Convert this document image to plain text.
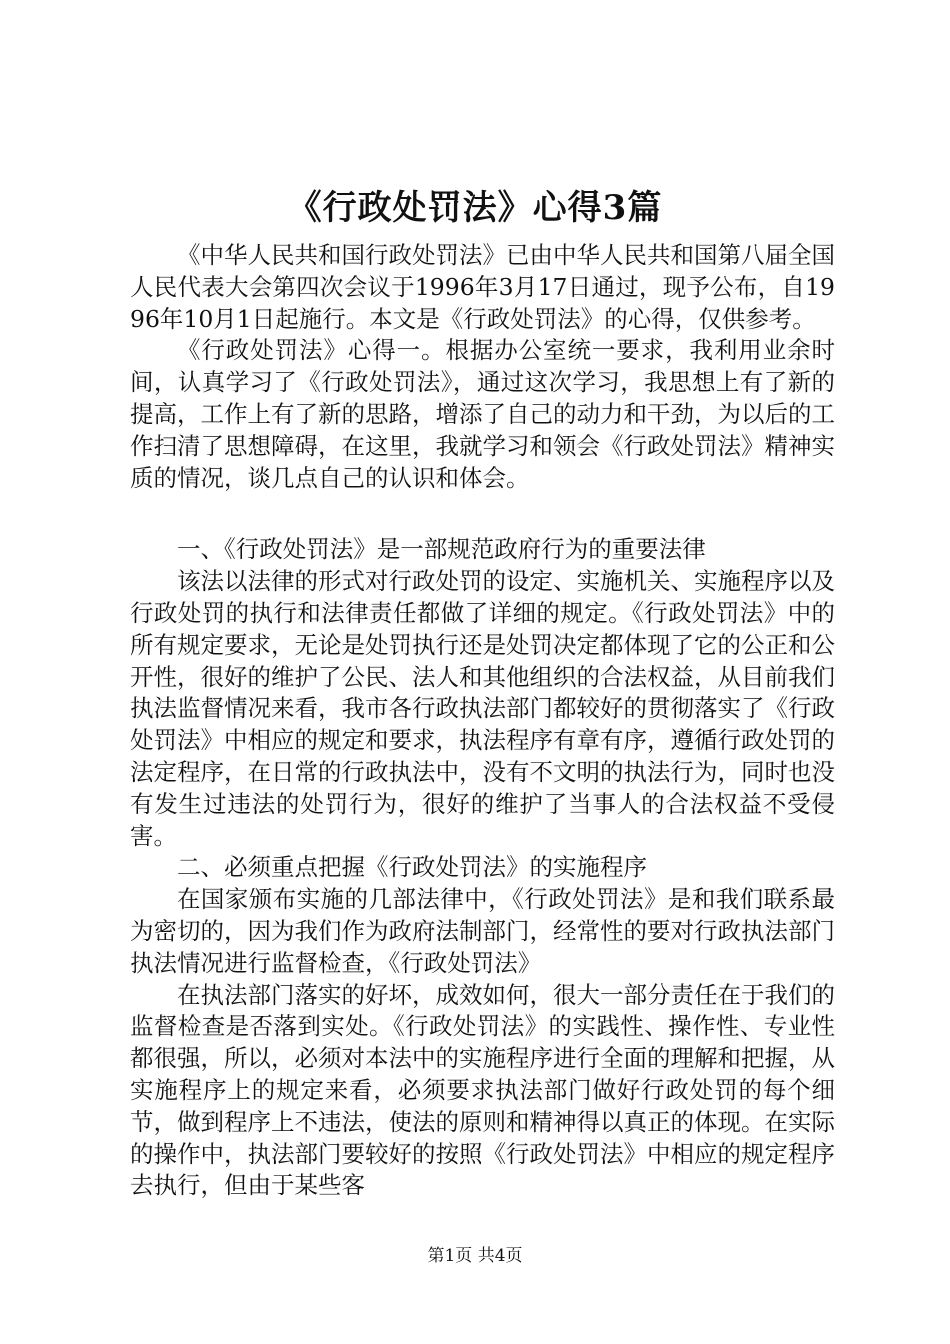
《行政处罚法》心得3篇

《中华人民共和国行政处罚法》已由中华人民共和国第八届全国人民代表大会第四次会议于1996年3月17日通过，现予公布，自1996年10月1日起施行。本文是《行政处罚法》的心得，仅供参考。

《行政处罚法》心得一。根据办公室统一要求，我利用业余时间，认真学习了《行政处罚法》，通过这次学习，我思想上有了新的提高，工作上有了新的思路，增添了自己的动力和干劲，为以后的工作扫清了思想障碍，在这里，我就学习和领会《行政处罚法》精神实质的情况，谈几点自己的认识和体会。

一、《行政处罚法》是一部规范政府行为的重要法律

该法以法律的形式对行政处罚的设定、实施机关、实施程序以及行政处罚的执行和法律责任都做了详细的规定。《行政处罚法》中的所有规定要求，无论是处罚执行还是处罚决定都体现了它的公正和公开性，很好的维护了公民、法人和其他组织的合法权益，从目前我们执法监督情况来看，我市各行政执法部门都较好的贯彻落实了《行政处罚法》中相应的规定和要求，执法程序有章有序，遵循行政处罚的法定程序，在日常的行政执法中，没有不文明的执法行为，同时也没有发生过违法的处罚行为，很好的维护了当事人的合法权益不受侵害。

二、必须重点把握《行政处罚法》的实施程序

在国家颁布实施的几部法律中，《行政处罚法》是和我们联系最为密切的，因为我们作为政府法制部门，经常性的要对行政执法部门执法情况进行监督检查，《行政处罚法》

在执法部门落实的好坏，成效如何，很大一部分责任在于我们的监督检查是否落到实处。《行政处罚法》的实践性、操作性、专业性都很强，所以，必须对本法中的实施程序进行全面的理解和把握，从实施程序上的规定来看，必须要求执法部门做好行政处罚的每个细节，做到程序上不违法，使法的原则和精神得以真正的体现。在实际的操作中，执法部门要较好的按照《行政处罚法》中相应的规定程序去执行，但由于某些客

第1页 共4页
